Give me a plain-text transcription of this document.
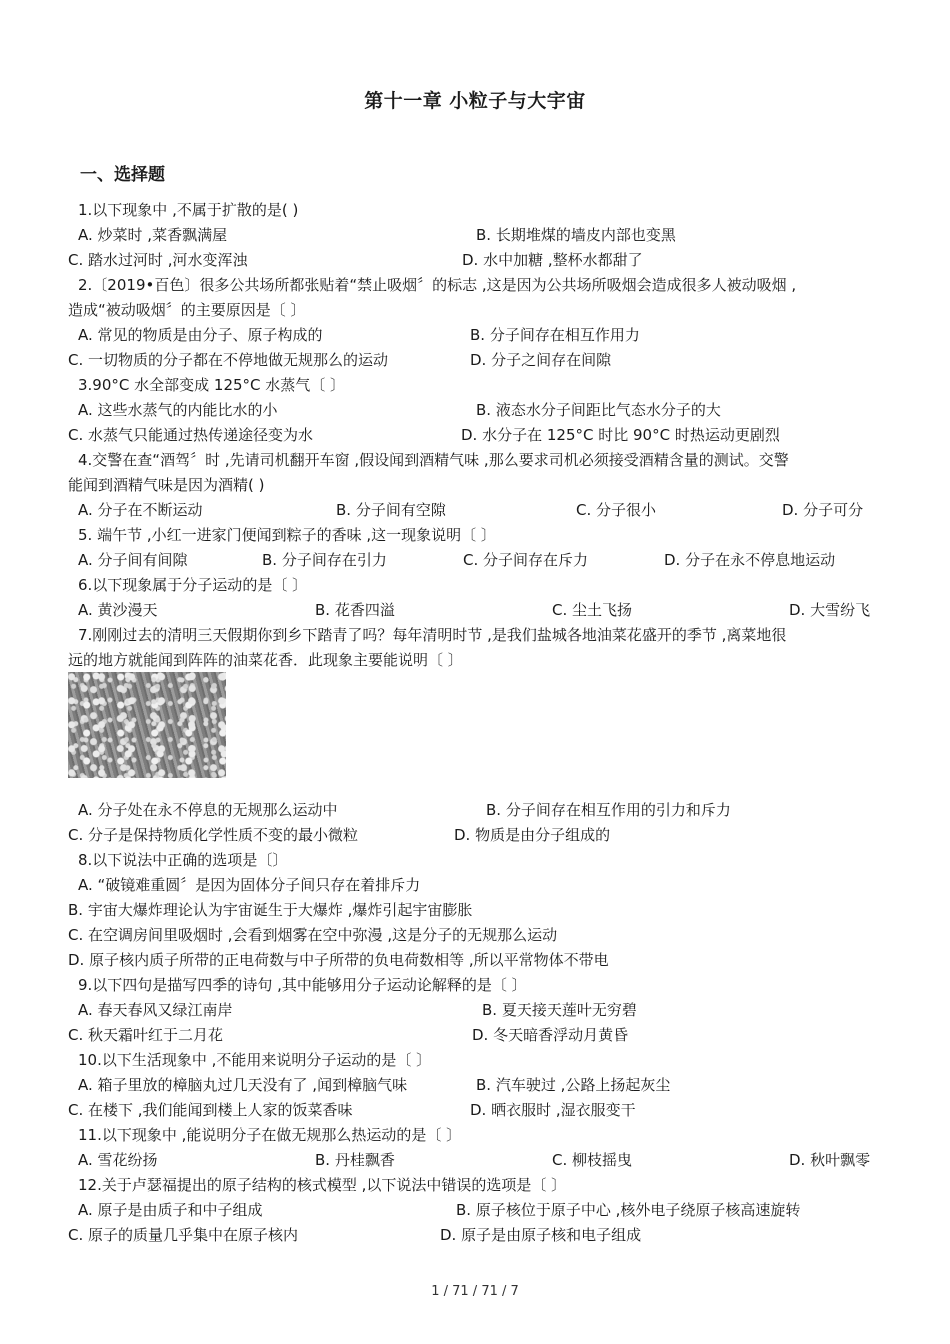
第十一章 小粒子与大宇宙
一、选择题
1.以下现象中 ,不属于扩散的是( )
A. 炒菜时 ,菜香飘满屋	B. 长期堆煤的墙皮内部也变黑
C. 踏水过河时 ,河水变浑浊	D. 水中加糖 ,整杯水都甜了
2.〔2019•百色〕很多公共场所都张贴着“禁止吸烟〞的标志 ,这是因为公共场所吸烟会造成很多人被动吸烟 ,
造成“被动吸烟〞的主要原因是〔 〕
A. 常见的物质是由分子、原子构成的	B. 分子间存在相互作用力
C. 一切物质的分子都在不停地做无规那么的运动	D. 分子之间存在间隙
3.90°C 水全部变成 125°C 水蒸气〔 〕
A. 这些水蒸气的内能比水的小	B. 液态水分子间距比气态水分子的大
C. 水蒸气只能通过热传递途径变为水	D. 水分子在 125°C 时比 90°C 时热运动更剧烈
4.交警在查“酒驾〞时 ,先请司机翻开车窗 ,假设闻到酒精气味 ,那么要求司机必须接受酒精含量的测试。交警
能闻到酒精气味是因为酒精( )
A. 分子在不断运动	B. 分子间有空隙	C. 分子很小	D. 分子可分
5. 端午节 ,小红一进家门便闻到粽子的香味 ,这一现象说明〔 〕
A. 分子间有间隙	B. 分子间存在引力	C. 分子间存在斥力	D. 分子在永不停息地运动
6.以下现象属于分子运动的是〔 〕
A. 黄沙漫天	B. 花香四溢	C. 尘土飞扬	D. 大雪纷飞
7.刚刚过去的清明三天假期你到乡下踏青了吗？每年清明时节 ,是我们盐城各地油菜花盛开的季节 ,离菜地很
远的地方就能闻到阵阵的油菜花香．此现象主要能说明〔 〕
A. 分子处在永不停息的无规那么运动中	B. 分子间存在相互作用的引力和斥力
C. 分子是保持物质化学性质不变的最小微粒	D. 物质是由分子组成的
8.以下说法中正确的选项是〔〕
A. “破镜难重圆〞是因为固体分子间只存在着排斥力
B. 宇宙大爆炸理论认为宇宙诞生于大爆炸 ,爆炸引起宇宙膨胀
C. 在空调房间里吸烟时 ,会看到烟雾在空中弥漫 ,这是分子的无规那么运动
D. 原子核内质子所带的正电荷数与中子所带的负电荷数相等 ,所以平常物体不带电
9.以下四句是描写四季的诗句 ,其中能够用分子运动论解释的是〔 〕
A. 春天春风又绿江南岸	B. 夏天接天莲叶无穷碧
C. 秋天霜叶红于二月花	D. 冬天暗香浮动月黄昏
10.以下生活现象中 ,不能用来说明分子运动的是〔 〕
A. 箱子里放的樟脑丸过几天没有了 ,闻到樟脑气味	B. 汽车驶过 ,公路上扬起灰尘
C. 在楼下 ,我们能闻到楼上人家的饭菜香味	D. 晒衣服时 ,湿衣服变干
11.以下现象中 ,能说明分子在做无规那么热运动的是〔 〕
A. 雪花纷扬	B. 丹桂飘香	C. 柳枝摇曳	D. 秋叶飘零
12.关于卢瑟福提出的原子结构的核式模型 ,以下说法中错误的选项是〔 〕
A. 原子是由质子和中子组成	B. 原子核位于原子中心 ,核外电子绕原子核高速旋转
C. 原子的质量几乎集中在原子核内	D. 原子是由原子核和电子组成
1 / 71 / 71 / 7
